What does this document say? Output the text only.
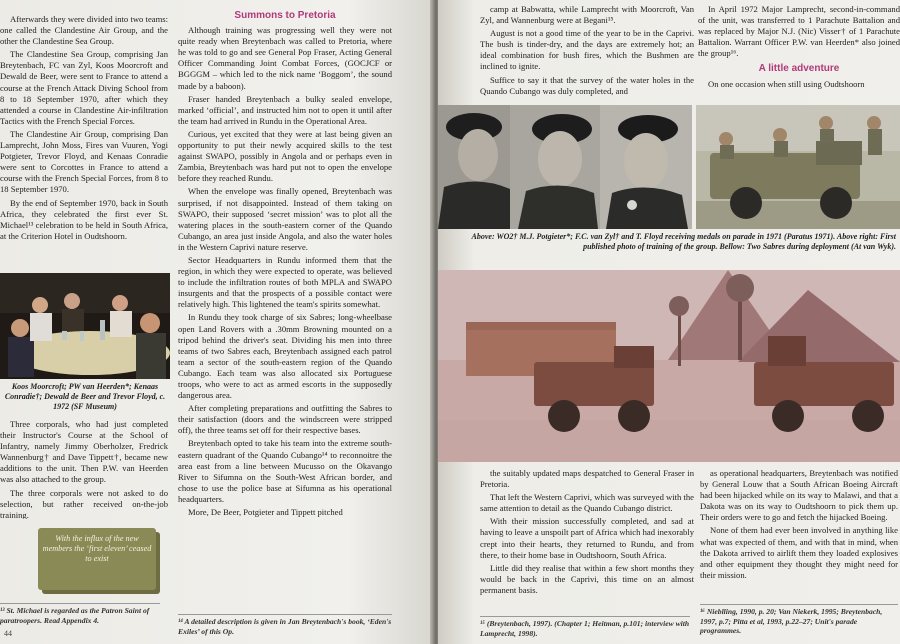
Afterwards they were divided into two teams: one called the Clandestine Air Group, and the other the Clandestine Sea Group.

The Clandestine Sea Group, comprising Jan Breytenbach, FC van Zyl, Koos Moorcroft and Dewald de Beer, were sent to France to attend a course at the French Attack Diving School from 8 to 18 September 1970, after which they attended a course in Clandestine Air-infiltration Tactics with the French Special Forces.

The Clandestine Air Group, comprising Dan Lamprecht, John Moss, Fires van Vuuren, Yogi Potgieter, Trevor Floyd, and Kenaas Conradie were sent to Corcottes in France to attend a course with the French Special Forces, from 8 to 18 September 1970.

By the end of September 1970, back in South Africa, they celebrated the first ever St. Michael¹³ celebration to be held in South Africa, at the Criterion Hotel in Oudtshoorn.

Koos Moorcroft; PW van Heerden*; Kenaas Conradie†; Dewald de Beer and Trevor Floyd, c. 1972 (SF Museum)

Three corporals, who had just completed their Instructor's Course at the School of Infantry, namely Jimmy Oberholzer, Fredrick Wannenburg† and Dave Tippett†, became new additions to the unit. Then P.W. van Heerden was also attached to the group.

The three corporals were not asked to do selection, but rather received on-the-job training.

With the influx of the new members the ‘first eleven’ ceased to exist
¹³ St. Michael is regarded as the Patron Saint of paratroopers. Read Appendix 4.
44
Summons to Pretoria

Although training was progressing well they were not quite ready when Breytenbach was called to Pretoria, where he was told to go and see General Pop Fraser, Acting General Officer Commanding Joint Combat Forces, (GOCJCF or BGGGM – which led to the nick name ‘Boggom’, the sound made by a baboon).

Fraser handed Breytenbach a bulky sealed envelope, marked ‘official’, and instructed him not to open it until after the team had arrived in Rundu in the Operational Area.

Curious, yet excited that they were at last being given an opportunity to put their newly acquired skills to the test against SWAPO, possibly in Angola and or perhaps even in Zambia, Breytenbach was hard put not to open the envelope before they reached Rundu.

When the envelope was finally opened, Breytenbach was surprised, if not disappointed. Instead of them taking on SWAPO, their supposed ‘secret mission’ was to plot all the watering places in the south-eastern corner of the Quando Cubango, an area just inside Angola, and also the water holes in the Western Caprivi nature reserve.

Sector Headquarters in Rundu informed them that the region, in which they were expected to operate, was believed to include the infiltration routes of both MPLA and SWAPO insurgents and that the prospects of a possible contact were relatively high. This lightened the team's spirits somewhat.

In Rundu they took charge of six Sabres; long-wheelbase open Land Rovers with a .30mm Browning mounted on a tripod behind the driver's seat. Dividing his men into three teams of two Sabres each, Breytenbach assigned each patrol team a sector of the south-eastern region of the Quando Cubango. Each team was also allocated six Portuguese troops, who were to act as armed escorts in the supposedly dangerous area.

After completing preparations and outfitting the Sabres to their satisfaction (doors and the windscreen were stripped off), the three teams set off for their respective bases.

Breytenbach opted to take his team into the extreme south-eastern quadrant of the Quando Cubango¹⁴ to reconnoitre the area east from a line between Mucusso on the Okavango River to Sifumna on the South-West African border, and chose to use the police base at Sifumna as his operational headquarters.

More, De Beer, Potgieter and Tippett pitched

¹⁴ A detailed description is given in Jan Breytenbach's book, ‘Eden's Exiles’ of this Op.

camp at Babwatta, while Lamprecht with Moorcroft, Van Zyl, and Wannenburg were at Begani¹⁵.

August is not a good time of the year to be in the Caprivi. The bush is tinder-dry, and the days are extremely hot; an ideal combination for bush fires, which the Bushmen are inclined to ignite.

Suffice to say it that the survey of the water holes in the Quando Cubango was duly completed, and

In April 1972 Major Lamprecht, second-in-command of the unit, was transferred to 1 Parachute Battalion and was replaced by Major N.J. (Nic) Visser† of 1 Parachute Battalion. Warrant Officer P.W. van Heerden* also joined the group¹⁶.

A little adventure

On one occasion when still using Oudtshoorn

Above: WO2† M.J. Potgieter*; F.C. van Zyl† and T. Floyd receiving medals on parade in 1971 (Paratus 1971). Above right: First published photo of training of the group. Bellow: Two Sabres during deployment (At van Wyk).

the suitably updated maps despatched to General Fraser in Pretoria.

That left the Western Caprivi, which was surveyed with the same attention to detail as the Quando Cubango district.

With their mission successfully completed, and sad at having to leave a unspoilt part of Africa which had inexorably crept into their hearts, they returned to Rundu, and from there, to their home base in Oudtshoorn, South Africa.

Little did they realise that within a few short months they would be back in the Caprivi, this time on an almost permanent basis.

as operational headquarters, Breytenbach was notified by General Louw that a South African Boeing Aircraft had been hijacked while on its way to Malawi, and that a Dakota was on its way to Oudtshoorn to pick them up. Their orders were to go and fetch the hijacked Boeing.

None of them had ever been involved in anything like what was expected of them, and with that in mind, when the Dakota arrived to airlift them they loaded explosives and other equipment they thought they might need for their mission.

¹⁵ (Breytenbach, 1997). (Chapter 1; Heitman, p.101; interview with Lamprecht, 1998).
¹⁶ Nieblling, 1990, p. 20; Van Niekerk, 1995; Breytenbach, 1997, p.7; Pitta et al, 1993, p.22–27; Unit's parade programmes.
